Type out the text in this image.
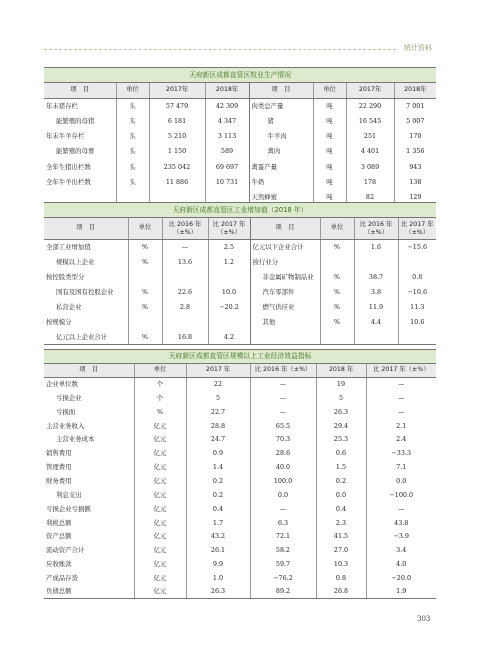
统计资料
天府新区成都直管区牧业生产情况							
项　目	单位	2017年	2018年	项　目	单位	2017年	2018年
年末猪存栏	头	57 479	42 309	肉类总产量	吨	22 290	7 001
能繁殖的母猪	头	6 181	4 347	猪	吨	16 545	5 007
年末牛羊存栏	头	5 210	3 113	牛羊肉	吨	251	170
能繁殖的母畜	头	1 150	589	禽肉	吨	4 401	1 356
全年生猪出栏数	头	235 042	69 697	禽蛋产量	吨	3 089	943
全年牛羊出栏数	头	11 886	10 731	牛奶	吨	178	138
				天然蜂蜜	吨	82	129
天府新区成都直管区工业增加值（2018 年）							
项　目	单位	比 2016 年（±%）	比 2017 年（±%）	项　目	单位	比 2016 年（±%）	比 2017 年（±%）
全部工业增加值	%	—	2.5	亿元以下企业合计	%	1.6	−15.6
规模以上企业	%	13.6	1.2	按行业分			
按控股类型分				非金属矿物制品业	%	38.7	0.8
国有及国有控股企业	%	22.6	10.0	汽车零部件	%	3.8	−10.6
私营企业	%	2.8	−20.2	燃气供应业	%	11.9	11.3
按规模分				其他	%	4.4	10.6
亿元以上企业合计	%	16.8	4.2				
天府新区成都直管区规模以上工业经济效益指标					
项　目	单位	2017 年	比 2016 年（±%）	2018 年	比 2017 年（±%）
企业单位数	个	22	—	19	—
亏损企业	个	5	—	5	—
亏损面	%	22.7	—	26.3	—
主营业务收入	亿元	28.8	65.5	29.4	2.1
主营业务成本	亿元	24.7	70.3	25.3	2.4
销售费用	亿元	0.9	28.6	0.6	−33.3
管理费用	亿元	1.4	40.0	1.5	7.1
财务费用	亿元	0.2	100.0	0.2	0.0
利息支出	亿元	0.2	0.0	0.0	−100.0
亏损企业亏损额	亿元	0.4	—	0.4	—
利税总额	亿元	1.7	6.3	2.3	43.8
资产总额	亿元	43.2	72.1	41.5	−3.9
流动资产合计	亿元	26.1	58.2	27.0	3.4
应收账款	亿元	9.9	59.7	10.3	4.0
产成品存货	亿元	1.0	−76.2	0.8	−20.0
负债总额	亿元	26.3	89.2	26.8	1.9
303
